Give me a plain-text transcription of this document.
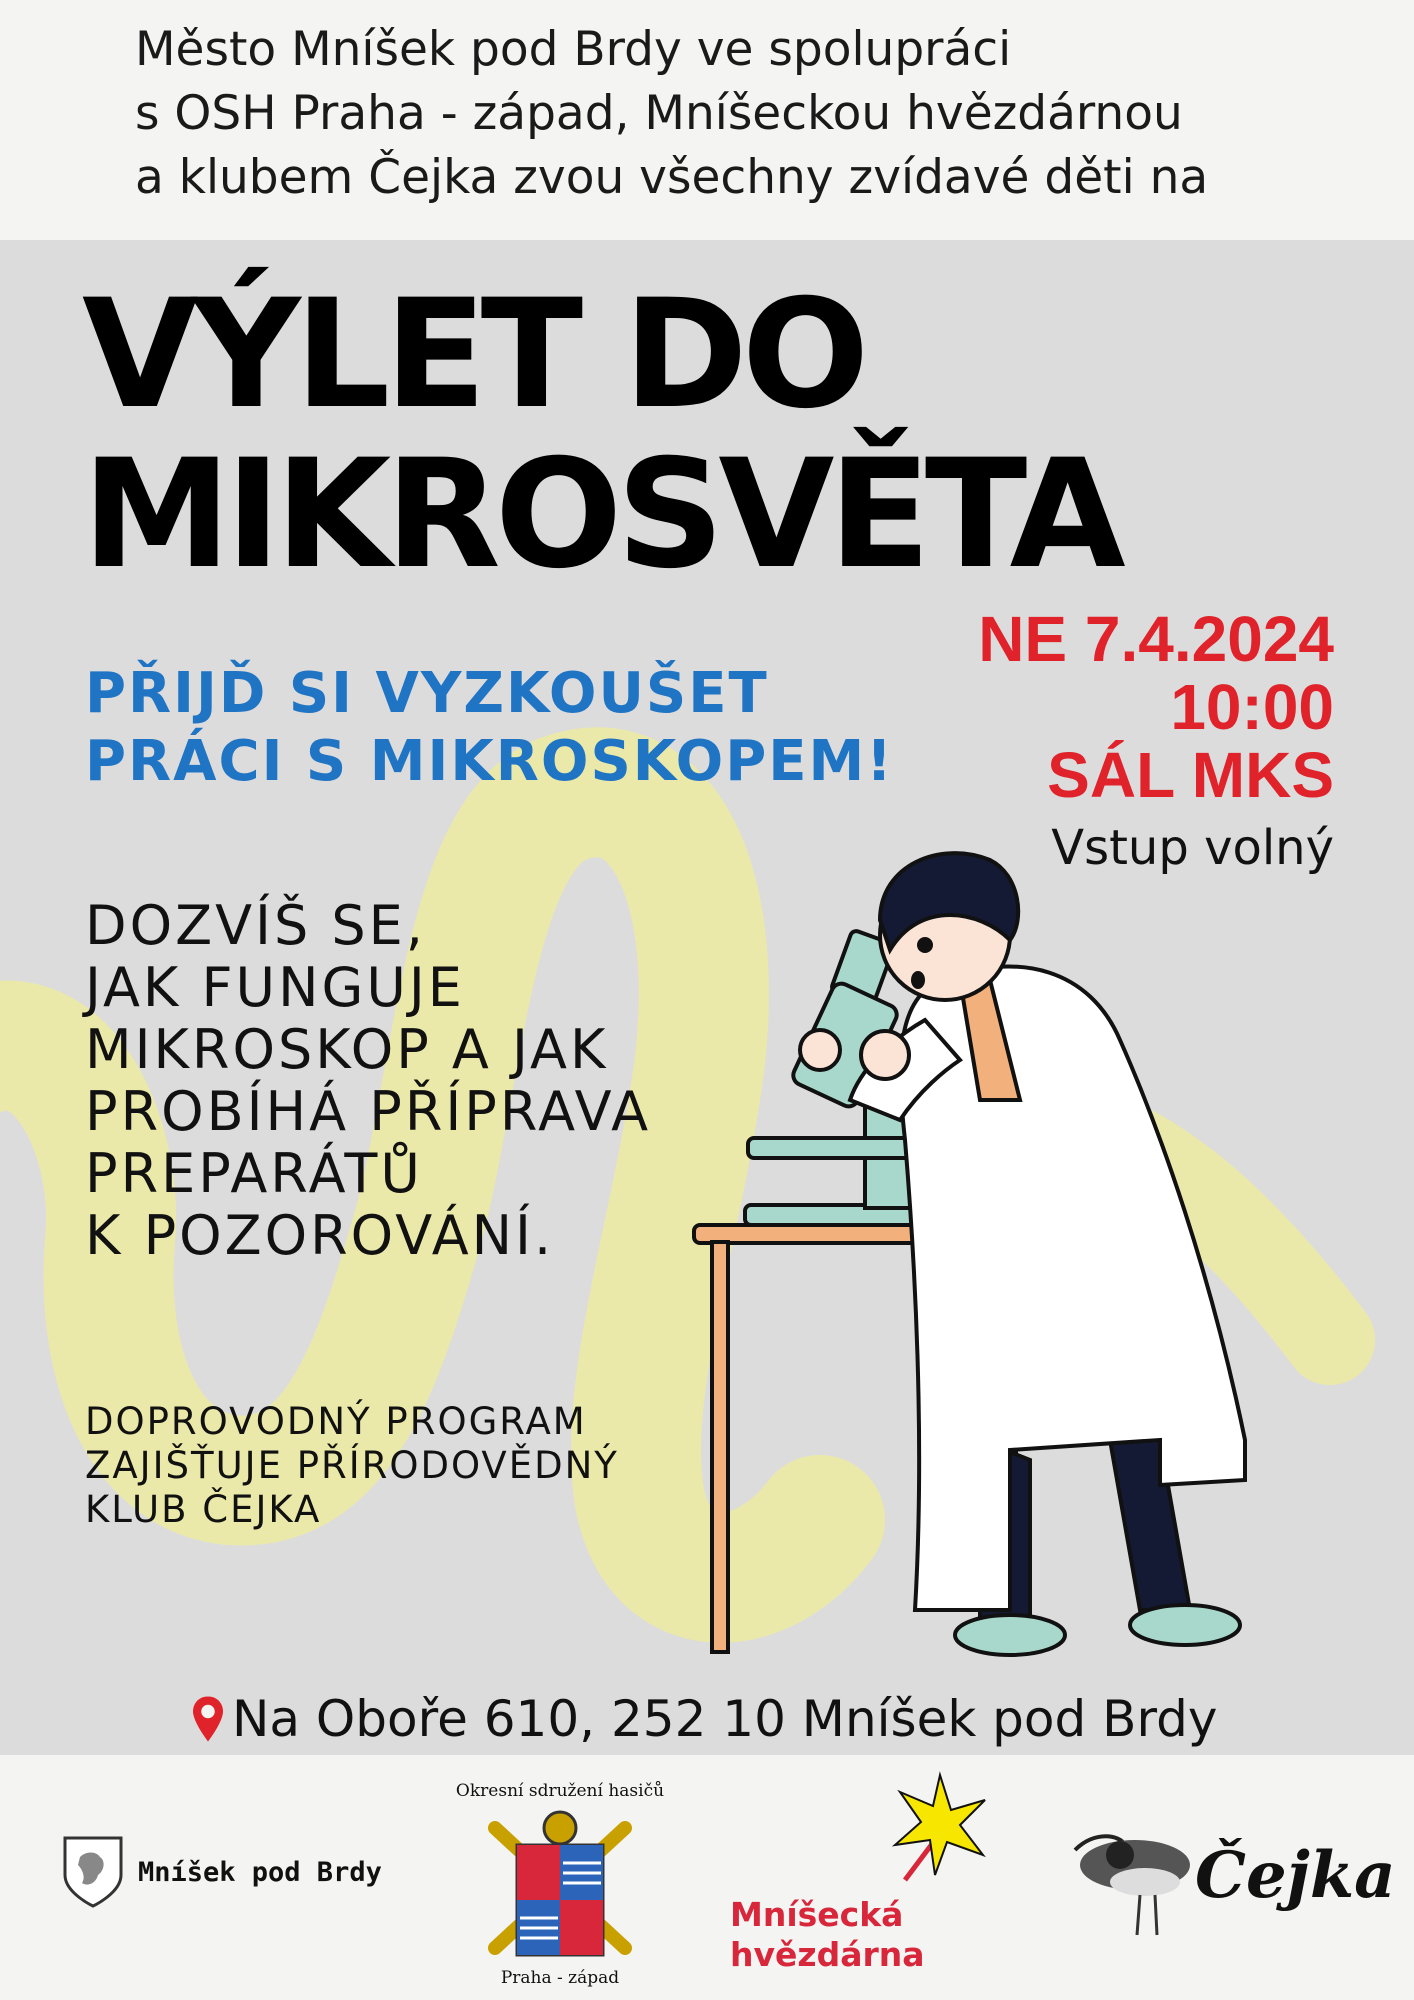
Město Mníšek pod Brdy ve spolupráci
s OSH Praha - západ, Mníšeckou hvězdárnou
a klubem Čejka zvou všechny zvídavé děti na
VÝLET DO
MIKROSVĚTA
NE 7.4.2024
10:00
SÁL MKS
Vstup volný
PŘIJĎ SI VYZKOUŠET
PRÁCI S MIKROSKOPEM!
DOZVÍŠ SE,
JAK FUNGUJE
MIKROSKOP A JAK
PROBÍHÁ PŘÍPRAVA
PREPARÁTŮ
K POZOROVÁNÍ.
DOPROVODNÝ PROGRAM
ZAJIŠŤUJE PŘÍRODOVĚDNÝ
KLUB ČEJKA
Na Oboře 610, 252 10 Mníšek pod Brdy
Mníšek pod Brdy
Okresní sdružení hasičů
Praha - západ
Mníšecká
hvězdárna
Čejka
